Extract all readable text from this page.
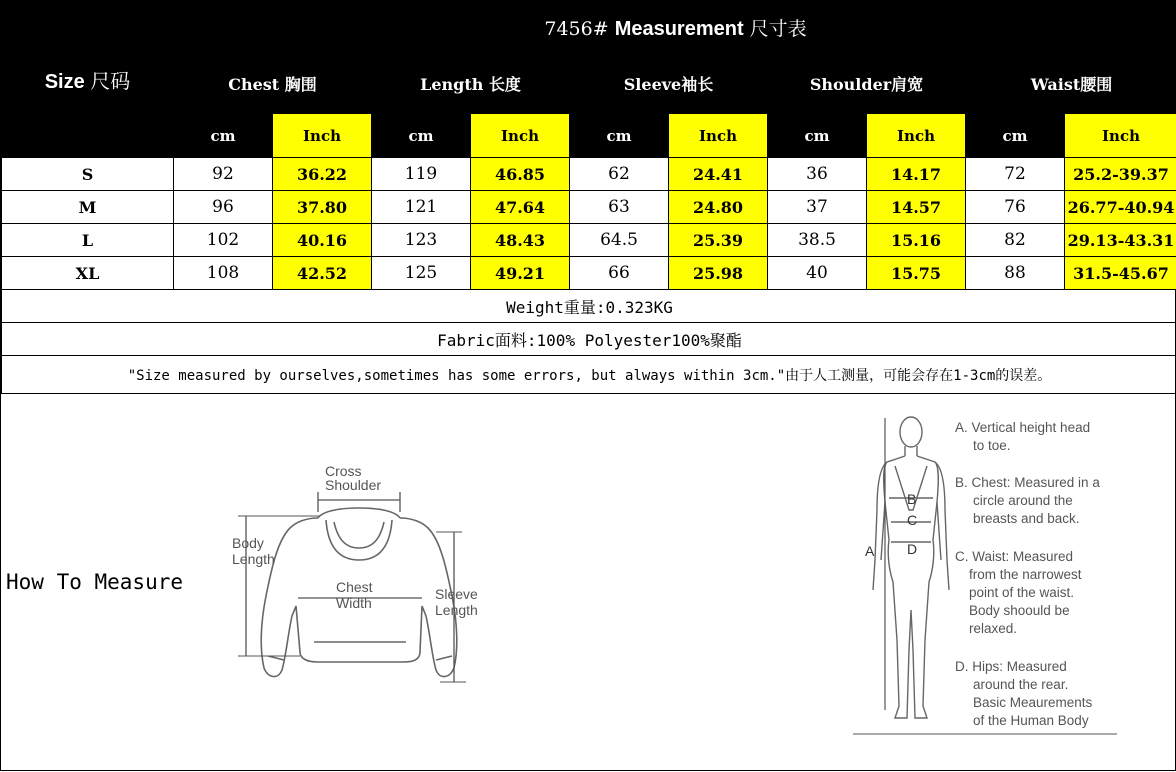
Size 尺码	7456# Measurement 尺寸表									
	Chest 胸围		Length 长度		Sleeve袖长		Shoulder肩宽		Waist腰围	
	cm	Inch	cm	Inch	cm	Inch	cm	Inch	cm	Inch
S	92	36.22	119	46.85	62	24.41	36	14.17	72	25.2-39.37
M	96	37.80	121	47.64	63	24.80	37	14.57	76	26.77-40.94
L	102	40.16	123	48.43	64.5	25.39	38.5	15.16	82	29.13-43.31
XL	108	42.52	125	49.21	66	25.98	40	15.75	88	31.5-45.67
Weight重量:0.323KG										
Fabric面料:100% Polyester100%聚酯										
"Size measured by ourselves,sometimes has some errors, but always within 3cm."由于人工测量，可能会存在1-3cm的误差。										
How To Measure
Cross
Shoulder
Body
Length
Chest
Width
Sleeve
Length
A
B
C
D
A. Vertical height head
to toe.
B. Chest: Measured in a
circle around the
breasts and back.
C. Waist: Measured
from the narrowest
point of the waist.
Body shoould be
relaxed.
D. Hips: Measured
around the rear.
Basic Meaurements
of the Human Body
